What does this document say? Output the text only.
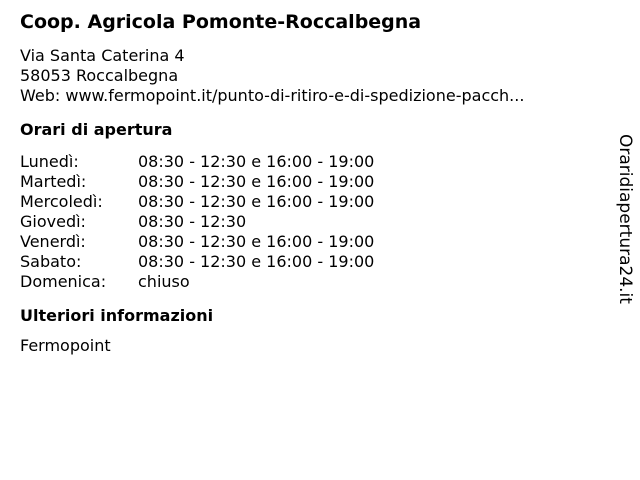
Coop. Agricola Pomonte-Roccalbegna
Via Santa Caterina 4
58053 Roccalbegna
Web: www.fermopoint.it/punto-di-ritiro-e-di-spedizione-pacch...
Orari di apertura
Lunedì:	08:30 - 12:30 e 16:00 - 19:00
Martedì:	08:30 - 12:30 e 16:00 - 19:00
Mercoledì:	08:30 - 12:30 e 16:00 - 19:00
Giovedì:	08:30 - 12:30
Venerdì:	08:30 - 12:30 e 16:00 - 19:00
Sabato:	08:30 - 12:30 e 16:00 - 19:00
Domenica:	chiuso
Ulteriori informazioni
Fermopoint
Oraridiapertura24.it
